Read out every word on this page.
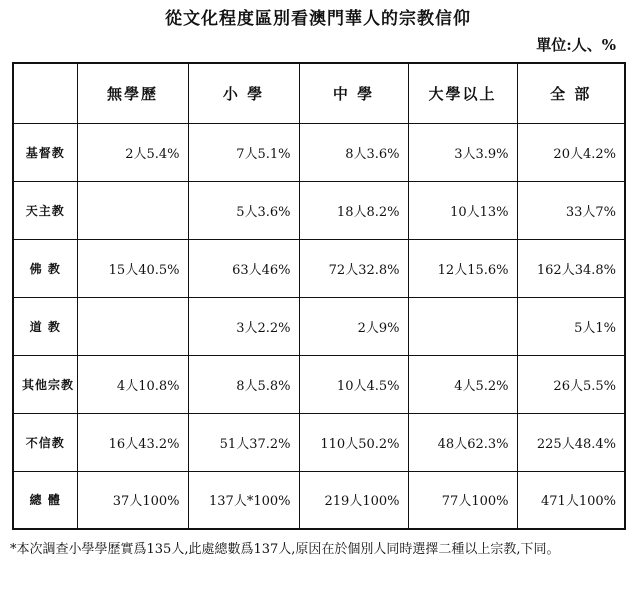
從文化程度區別看澳門華人的宗教信仰
單位:人、%
	無學歷	小 學	中 學	大學以上	全 部
基督教	2人5.4%	7人5.1%	8人3.6%	3人3.9%	20人4.2%
天主教		5人3.6%	18人8.2%	10人13%	33人7%
佛 教	15人40.5%	63人46%	72人32.8%	12人15.6%	162人34.8%
道 教		3人2.2%	2人9%		5人1%
其他宗教	4人10.8%	8人5.8%	10人4.5%	4人5.2%	26人5.5%
不信教	16人43.2%	51人37.2%	110人50.2%	48人62.3%	225人48.4%
總 體	37人100%	137人*100%	219人100%	77人100%	471人100%
*本次調查小學學歷實爲135人,此處總數爲137人,原因在於個別人同時選擇二種以上宗教,下同。
